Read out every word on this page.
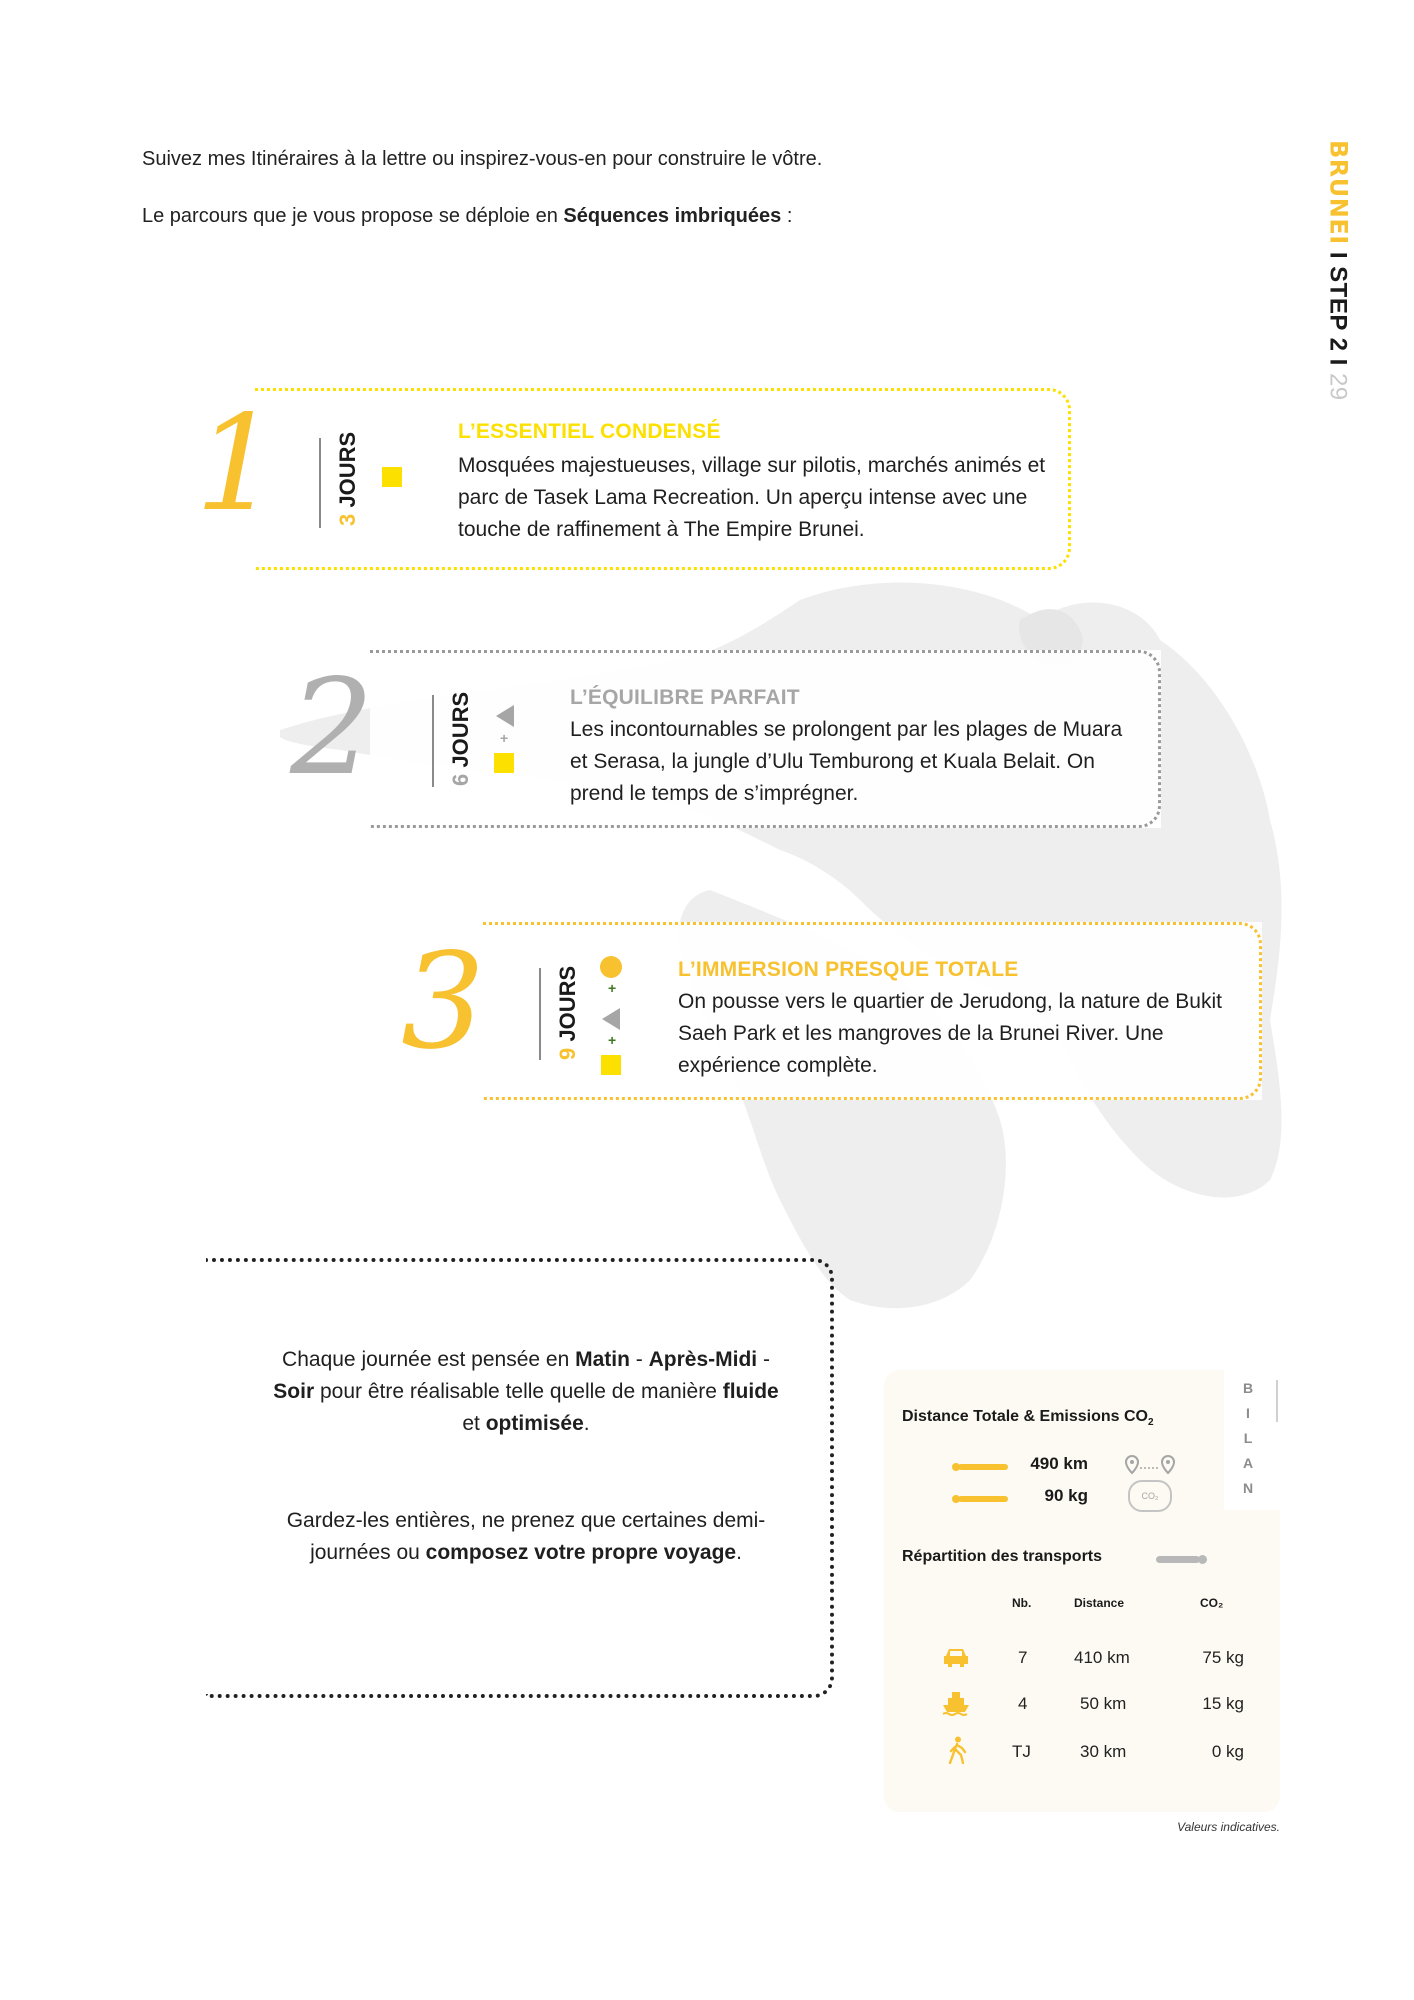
Suivez mes Itinéraires à la lettre ou inspirez-vous-en pour construire le vôtre.
Le parcours que je vous propose se déploie en Séquences imbriquées :	BRUNEI I STEP 2 I 29
1	3 JOURS
L’ESSENTIEL CONDENSÉ
Mosquées majestueuses, village sur pilotis, marchés animés et parc de Tasek Lama Recreation. Un aperçu intense avec une touche de raffinement à The Empire Brunei.
2	6 JOURS +
L’ÉQUILIBRE PARFAIT
Les incontournables se prolongent par les plages de Muara et Serasa, la jungle d’Ulu Temburong et Kuala Belait. On prend le temps de s’imprégner.
3	9 JOURS +
+
L’IMMERSION PRESQUE TOTALE
On pousse vers le quartier de Jerudong, la nature de Bukit Saeh Park et les mangroves de la Brunei River. Une expérience complète.
Chaque journée est pensée en Matin - Après-Midi - Soir pour être réalisable telle quelle de manière fluide et optimisée.
Gardez-les entières, ne prenez que certaines demi-journées ou composez votre propre voyage.
B
I
L
A
N
Distance Totale & Emissions $CO_2$
490 km
90 kg	CO₂
Répartition des transports
Nb.	Distance	CO₂
7	410 km	75 kg
4	50 km	15 kg
TJ	30 km	0 kg
Valeurs indicatives.
